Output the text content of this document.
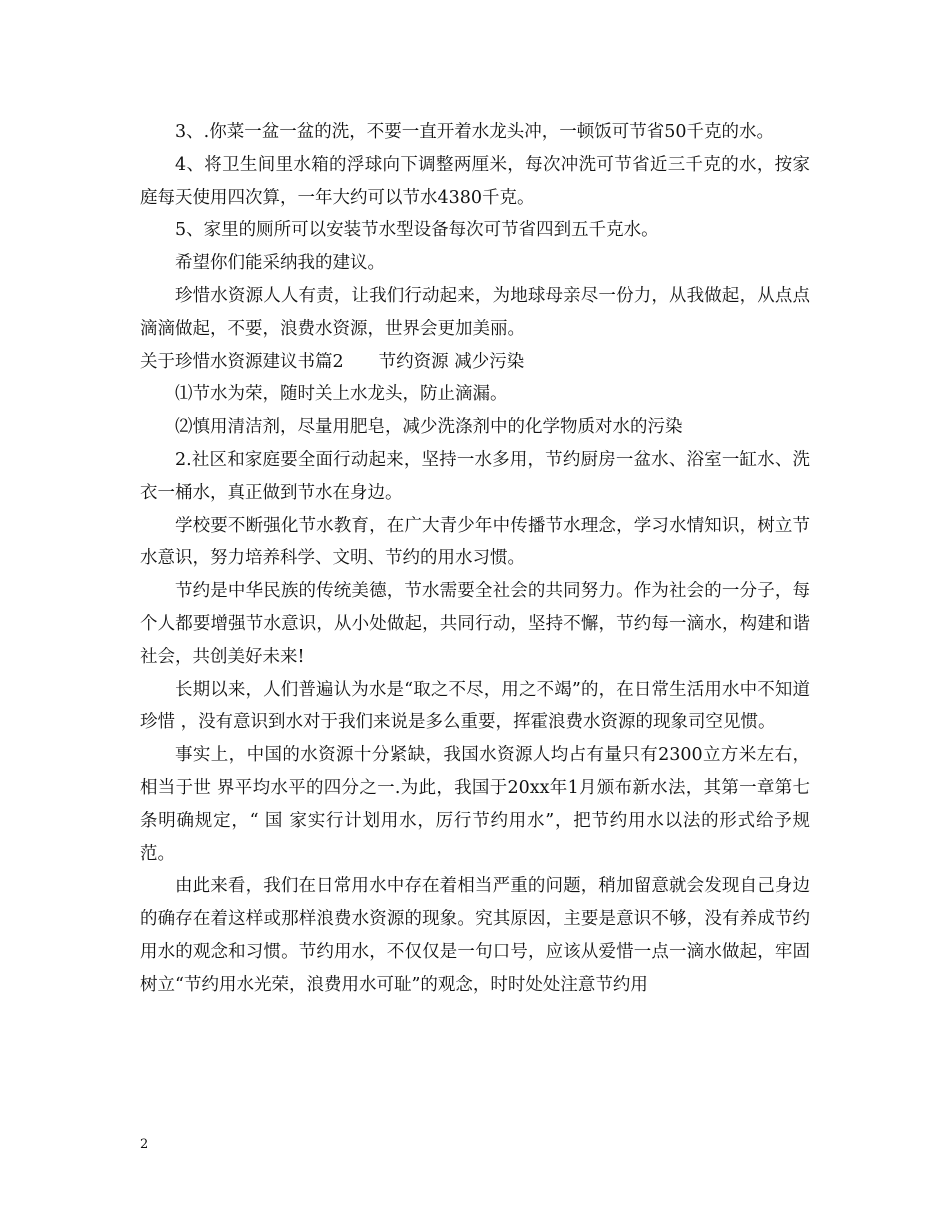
3、.你菜一盆一盆的洗，不要一直开着水龙头冲，一顿饭可节省50千克的水。

4、将卫生间里水箱的浮球向下调整两厘米，每次冲洗可节省近三千克的水，按家庭每天使用四次算，一年大约可以节水4380千克。

5、家里的厕所可以安装节水型设备每次可节省四到五千克水。

希望你们能采纳我的建议。

珍惜水资源人人有责，让我们行动起来，为地球母亲尽一份力，从我做起，从点点滴滴做起，不要，浪费水资源，世界会更加美丽。

关于珍惜水资源建议书篇2　　节约资源 减少污染

⑴节水为荣，随时关上水龙头，防止滴漏。

⑵慎用清洁剂，尽量用肥皂，减少洗涤剂中的化学物质对水的污染

2.社区和家庭要全面行动起来，坚持一水多用，节约厨房一盆水、浴室一缸水、洗衣一桶水，真正做到节水在身边。

学校要不断强化节水教育，在广大青少年中传播节水理念，学习水情知识，树立节水意识，努力培养科学、文明、节约的用水习惯。

节约是中华民族的传统美德，节水需要全社会的共同努力。作为社会的一分子，每个人都要增强节水意识，从小处做起，共同行动，坚持不懈，节约每一滴水，构建和谐社会，共创美好未来!

长期以来，人们普遍认为水是“取之不尽，用之不竭”的，在日常生活用水中不知道珍惜 ，没有意识到水对于我们来说是多么重要，挥霍浪费水资源的现象司空见惯。

事实上，中国的水资源十分紧缺，我国水资源人均占有量只有2300立方米左右，相当于世 界平均水平的四分之一.为此，我国于20xx年1月颁布新水法，其第一章第七条明确规定，“ 国 家实行计划用水，厉行节约用水”，把节约用水以法的形式给予规范。

由此来看，我们在日常用水中存在着相当严重的问题，稍加留意就会发现自己身边的确存在着这样或那样浪费水资源的现象。究其原因，主要是意识不够，没有养成节约用水的观念和习惯。节约用水，不仅仅是一句口号，应该从爱惜一点一滴水做起，牢固树立“节约用水光荣，浪费用水可耻”的观念，时时处处注意节约用

2
